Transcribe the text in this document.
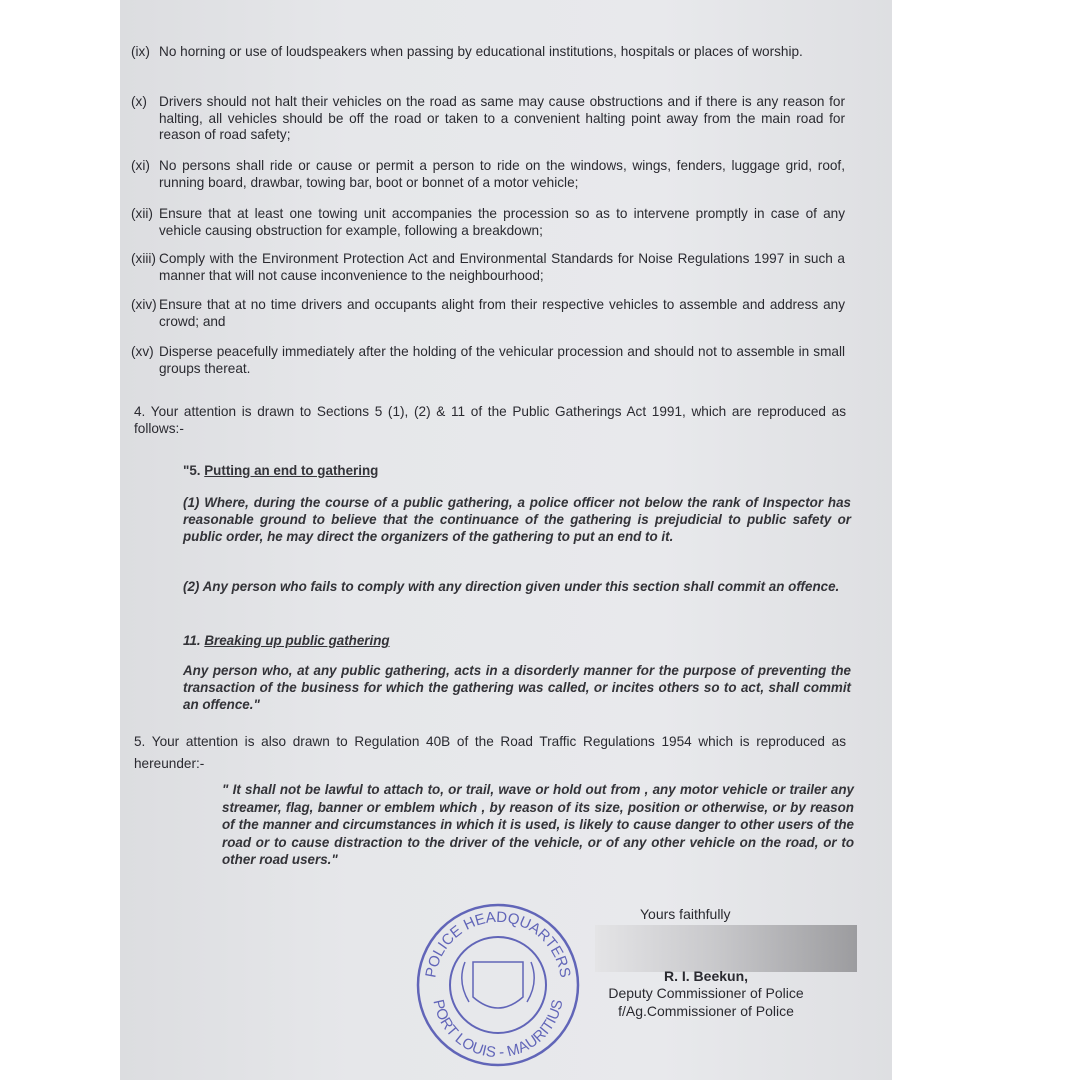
(ix) No horning or use of loudspeakers when passing by educational institutions, hospitals or places of worship.
(x) Drivers should not halt their vehicles on the road as same may cause obstructions and if there is any reason for halting, all vehicles should be off the road or taken to a convenient halting point away from the main road for reason of road safety;
(xi) No persons shall ride or cause or permit a person to ride on the windows, wings, fenders, luggage grid, roof, running board, drawbar, towing bar, boot or bonnet of a motor vehicle;
(xii) Ensure that at least one towing unit accompanies the procession so as to intervene promptly in case of any vehicle causing obstruction for example, following a breakdown;
(xiii) Comply with the Environment Protection Act and Environmental Standards for Noise Regulations 1997 in such a manner that will not cause inconvenience to the neighbourhood;
(xiv) Ensure that at no time drivers and occupants alight from their respective vehicles to assemble and address any crowd; and
(xv) Disperse peacefully immediately after the holding of the vehicular procession and should not to assemble in small groups thereat.
4. Your attention is drawn to Sections 5 (1), (2) & 11 of the Public Gatherings Act 1991, which are reproduced as follows:-
"5. Putting an end to gathering
(1) Where, during the course of a public gathering, a police officer not below the rank of Inspector has reasonable ground to believe that the continuance of the gathering is prejudicial to public safety or public order, he may direct the organizers of the gathering to put an end to it.
(2) Any person who fails to comply with any direction given under this section shall commit an offence.
11. Breaking up public gathering
Any person who, at any public gathering, acts in a disorderly manner for the purpose of preventing the transaction of the business for which the gathering was called, or incites others so to act, shall commit an offence."
5. Your attention is also drawn to Regulation 40B of the Road Traffic Regulations 1954 which is reproduced as hereunder:-
" It shall not be lawful to attach to, or trail, wave or hold out from , any motor vehicle or trailer any streamer, flag, banner or emblem which , by reason of its size, position or otherwise, or by reason of the manner and circumstances in which it is used, is likely to cause danger to other users of the road or to cause distraction to the driver of the vehicle, or of any other vehicle on the road, or to other road users."
POLICE HEADQUARTERS
PORT LOUIS - MAURITIUS
Yours faithfully
R. I. Beekun,
Deputy Commissioner of Police
f/Ag.Commissioner of Police
